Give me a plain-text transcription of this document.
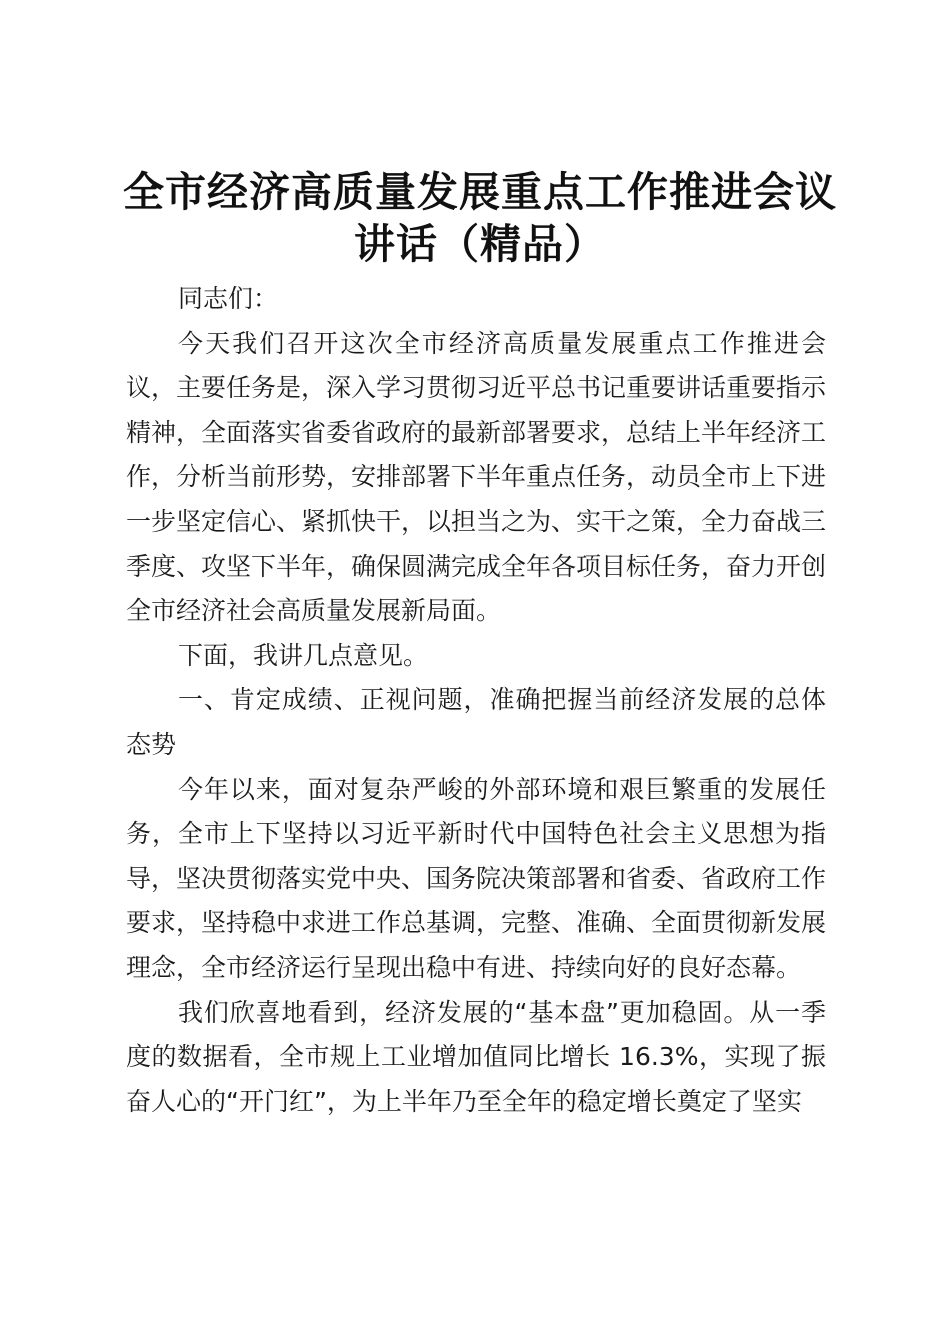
全市经济高质量发展重点工作推进会议
讲话（精品）

同志们：

今天我们召开这次全市经济高质量发展重点工作推进会议，主要任务是，深入学习贯彻习近平总书记重要讲话重要指示精神，全面落实省委省政府的最新部署要求，总结上半年经济工作，分析当前形势，安排部署下半年重点任务，动员全市上下进一步坚定信心、紧抓快干，以担当之为、实干之策，全力奋战三季度、攻坚下半年，确保圆满完成全年各项目标任务，奋力开创全市经济社会高质量发展新局面。

下面，我讲几点意见。

一、肯定成绩、正视问题，准确把握当前经济发展的总体态势

今年以来，面对复杂严峻的外部环境和艰巨繁重的发展任务，全市上下坚持以习近平新时代中国特色社会主义思想为指导，坚决贯彻落实党中央、国务院决策部署和省委、省政府工作要求，坚持稳中求进工作总基调，完整、准确、全面贯彻新发展理念，全市经济运行呈现出稳中有进、持续向好的良好态幕。

我们欣喜地看到，经济发展的“基本盘”更加稳固。从一季度的数据看，全市规上工业增加值同比增长 16.3%，实现了振奋人心的“开门红”，为上半年乃至全年的稳定增长奠定了坚实
